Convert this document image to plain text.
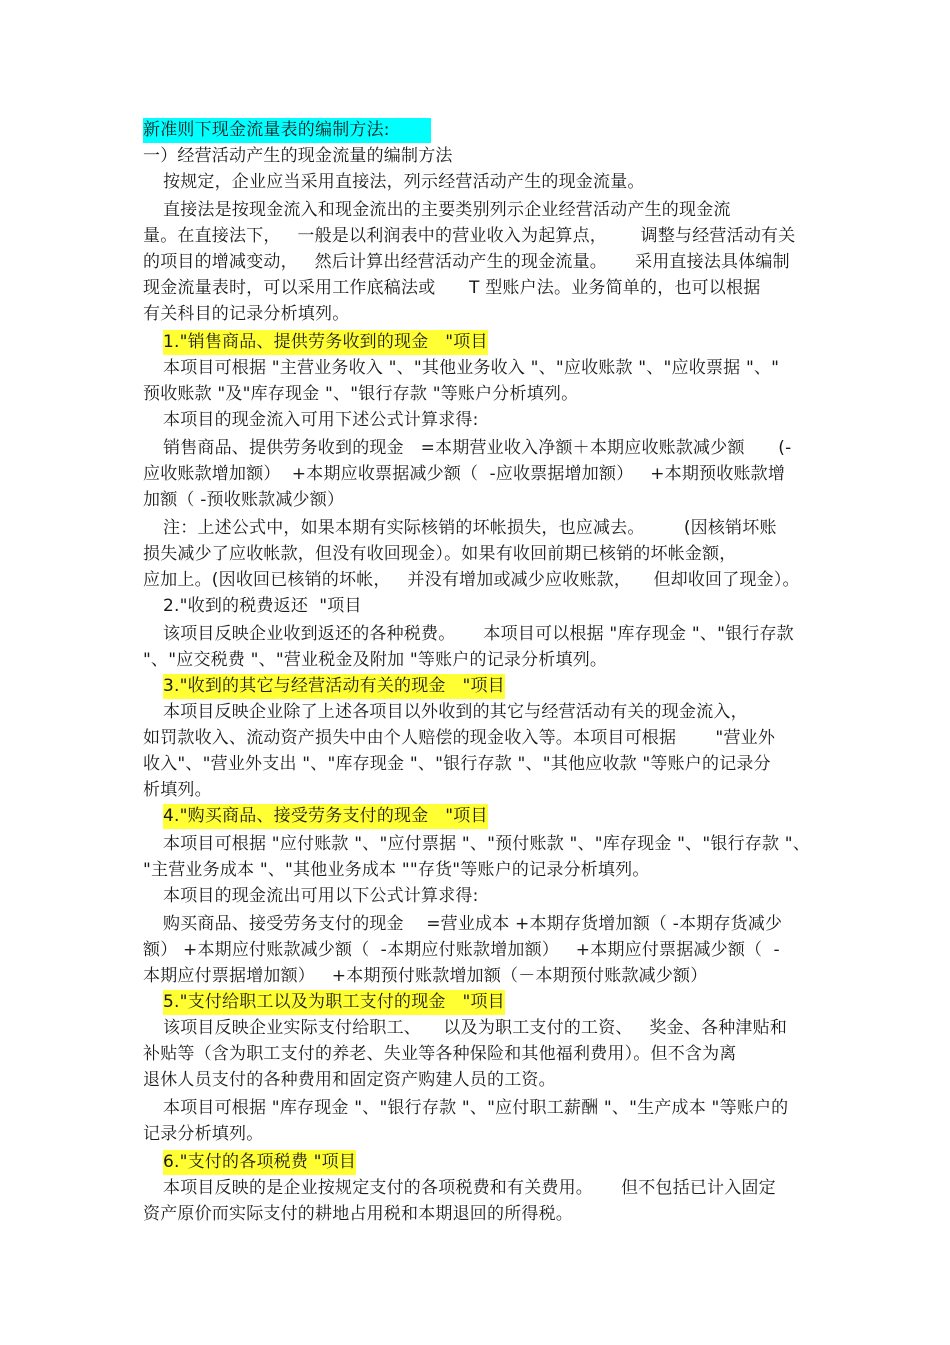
新准则下现金流量表的编制方法:
一）经营活动产生的现金流量的编制方法
按规定，企业应当采用直接法，列示经营活动产生的现金流量。
直接法是按现金流入和现金流出的主要类别列示企业经营活动产生的现金流
量。在直接法下，   一般是以利润表中的营业收入为起算点，      调整与经营活动有关
的项目的增减变动，   然后计算出经营活动产生的现金流量。     采用直接法具体编制
现金流量表时，可以采用工作底稿法或      T 型账户法。业务简单的，也可以根据
有关科目的记录分析填列。
1."销售商品、提供劳务收到的现金   "项目
本项目可根据 "主营业务收入 "、"其他业务收入 "、"应收账款 "、"应收票据 "、"
预收账款 "及"库存现金 "、"银行存款 "等账户分析填列。
本项目的现金流入可用下述公式计算求得:
销售商品、提供劳务收到的现金   =本期营业收入净额＋本期应收账款减少额      (-
应收账款增加额）  +本期应收票据减少额（  -应收票据增加额）   +本期预收账款增
加额（ -预收账款减少额）
注：上述公式中，如果本期有实际核销的坏帐损失，也应减去。       (因核销坏账
损失减少了应收帐款，但没有收回现金）。如果有收回前期已核销的坏帐金额，
应加上。(因收回已核销的坏帐，   并没有增加或减少应收账款，    但却收回了现金）。
2."收到的税费返还  "项目
该项目反映企业收到返还的各种税费。     本项目可以根据 "库存现金 "、"银行存款
"、"应交税费 "、"营业税金及附加 "等账户的记录分析填列。
3."收到的其它与经营活动有关的现金   "项目
本项目反映企业除了上述各项目以外收到的其它与经营活动有关的现金流入，
如罚款收入、流动资产损失中由个人赔偿的现金收入等。本项目可根据       "营业外
收入"、"营业外支出 "、"库存现金 "、"银行存款 "、"其他应收款 "等账户的记录分
析填列。
4."购买商品、接受劳务支付的现金   "项目
本项目可根据 "应付账款 "、"应付票据 "、"预付账款 "、"库存现金 "、"银行存款 "、
"主营业务成本 "、"其他业务成本 ""存货"等账户的记录分析填列。
本项目的现金流出可用以下公式计算求得:
购买商品、接受劳务支付的现金    =营业成本 +本期存货增加额（ -本期存货减少
额） +本期应付账款减少额（  -本期应付账款增加额）   +本期应付票据减少额（  -
本期应付票据增加额）   +本期预付账款增加额（－本期预付账款减少额）
5."支付给职工以及为职工支付的现金   "项目
该项目反映企业实际支付给职工、    以及为职工支付的工资、   奖金、各种津贴和
补贴等（含为职工支付的养老、失业等各种保险和其他福利费用）。但不含为离
退休人员支付的各种费用和固定资产购建人员的工资。
本项目可根据 "库存现金 "、"银行存款 "、"应付职工薪酬 "、"生产成本 "等账户的
记录分析填列。
6."支付的各项税费 "项目
本项目反映的是企业按规定支付的各项税费和有关费用。     但不包括已计入固定
资产原价而实际支付的耕地占用税和本期退回的所得税。
